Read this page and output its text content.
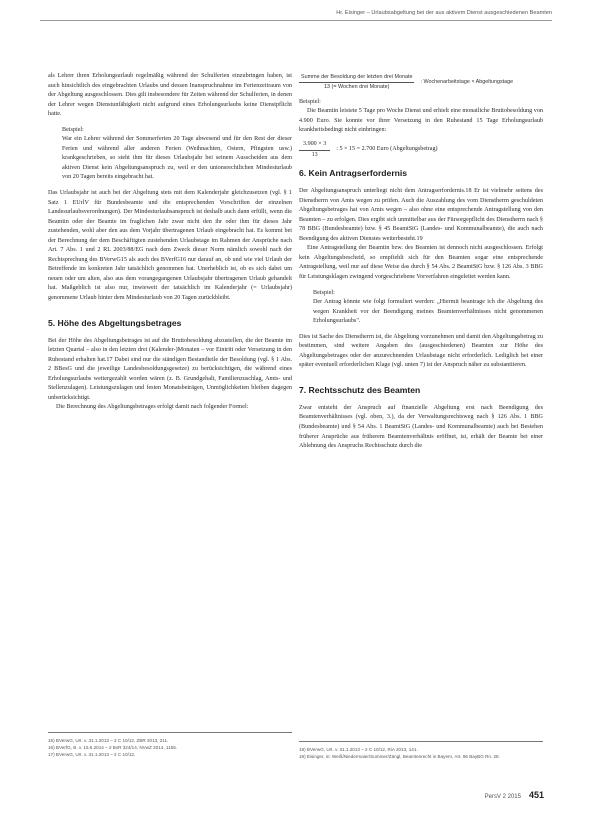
Hr. Eisinger – Urlaubsabgeltung bei der aus aktivem Dienst ausgeschiedenen Beamten

als Lehrer ihren Erholungsurlaub regelmäßig während der Schulferien einzubringen haben, ist auch hinsichtlich des eingebrachten Urlaubs und dessen Inanspruchnahme im Ferienzeitraum von der Abgeltung ausgeschlossen. Dies gilt insbesondere für Zeiten während der Schulferien, in denen der Lehrer wegen Dienstunfähigkeit nicht aufgrund eines Erholungsurlaubs keine Dienstpflicht hatte.

Beispiel:
War ein Lehrer während der Sommerferien 20 Tage abwesend und für den Rest der dieser Ferien und während aller anderen Ferien (Weihnachten, Ostern, Pfingsten usw.) krankgeschrieben, so steht ihm für dieses Urlaubsjahr bei seinem Ausscheiden aus dem aktiven Dienst kein Abgeltungsanspruch zu, weil er den unionsrechtlichen Mindesturlaub von 20 Tagen bereits eingebracht hat.

Das Urlaubsjahr ist auch bei der Abgeltung stets mit dem Kalenderjahr gleichzusetzen (vgl. § 1 Satz 1 EUrlV für Bundesbeamte und die entsprechenden Vorschriften der einzelnen Landesurlaubsverordnungen). Der Mindesturlaubsanspruch ist deshalb auch dann erfüllt, wenn die Beamtin oder der Beamte im fraglichen Jahr zwar nicht den ihr oder ihm für dieses Jahr zustehenden, wohl aber den aus dem Vorjahr übertragenen Urlaub eingebracht hat. Es kommt bei der Berechnung der dem Beschäftigten zustehenden Urlaubstage im Rahmen der Ansprüche nach Art. 7 Abs. 1 und 2 RL 2003/88/EG nach dem Zweck dieser Norm nämlich sowohl nach der Rechtsprechung des BVerwG15 als auch des BVerfG16 nur darauf an, ob und wie viel Urlaub der Betreffende im konkreten Jahr tatsächlich genommen hat. Unerheblich ist, ob es sich dabei um neuen oder um alten, also aus dem vorangegangenen Urlaubsjahr übertragenen Urlaub gehandelt hat. Maßgeblich ist also nur, inwieweit der tatsächlich im Kalenderjahr (= Urlaubsjahr) genommene Urlaub hinter dem Mindesturlaub von 20 Tagen zurückbleibt.

5. Höhe des Abgeltungsbetrages

Bei der Höhe des Abgeltungsbetrages ist auf die Bruttobesoldung abzustellen, die der Beamte im letzten Quartal – also in den letzten drei (Kalender-)Monaten – vor Eintritt oder Versetzung in den Ruhestand erhalten hat.17 Dabei sind nur die ständigen Bestandteile der Besoldung (vgl. § 1 Abs. 2 BBesG und die jeweilige Landesbesoldungsgesetze) zu berücksichtigen, die während eines Erholungsurlaubs weitergezahlt worden wären (z. B. Grundgehalt, Familienzuschlag, Amts- und Stellenzulagen). Leistungszulagen und festen Monatsbeträgen, Unmöglichkeiten bleiben dagegen unberücksichtigt.

Die Berechnung des Abgeltungsbetrages erfolgt damit nach folgender Formel:

$\frac{\text{Summe der Besoldung der letzten drei Monate}}{\text{13 (= Wochen drei Monate)}}$ : Wochenarbeitstage × Abgeltungstage

Beispiel:

Die Beamtin leistete 5 Tage pro Woche Dienst und erhielt eine monatliche Bruttobesoldung von 4.900 Euro. Sie konnte vor ihrer Versetzung in den Ruhestand 15 Tage Erholungsurlaub krankheitsbedingt nicht einbringen:

$\frac{3.900 \times 3}{13}$ : 5 × 15 = 2.700 Euro (Abgeltungsbetrag)
6. Kein Antragserfordernis

Der Abgeltungsanspruch unterliegt nicht dem Antragserfordernis.18 Er ist vielmehr seitens des Dienstherrn von Amts wegen zu prüfen. Auch die Auszahlung des vom Dienstherrn geschuldeten Abgeltungsbetrages hat von Amts wegen – also ohne eine entsprechende Antragstellung von den Beamten – zu erfolgen. Dies ergibt sich unmittelbar aus der Fürsorgepflicht des Dienstherrn nach § 78 BBG (Bundesbeamte) bzw. § 45 BeamtStG (Landes- und Kommunalbeamte), die auch nach Beendigung des aktiven Dienstes weiterbesteht.19

Eine Antragstellung der Beamtin bzw. des Beamten ist dennoch nicht ausgeschlossen. Erfolgt kein Abgeltungsbescheid, so empfiehlt sich für den Beamten sogar eine entsprechende Antragstellung, weil nur auf diese Weise das durch § 54 Abs. 2 BeamtStG bzw. § 126 Abs. 3 BBG für Leistungsklagen zwingend vorgeschriebene Vorverfahren eingeleitet werden kann.

Beispiel:
Der Antrag könnte wie folgt formuliert werden: „Hiermit beantrage ich die Abgeltung des wegen Krankheit vor der Beendigung meines Beamtenverhältnisses nicht genommenen Erholungsurlaubs".

Dies ist Sache des Dienstherrn ist, die Abgeltung vorzunehmen und damit den Abgeltungsbetrag zu bestimmen, sind weitere Angaben des (ausgeschiedenen) Beamten zur Höhe des Abgeltungsbetrages oder der anzurechnenden Urlaubstage nicht erforderlich. Lediglich bei einer später eventuell erforderlichen Klage (vgl. unten 7) ist der Anspruch näher zu substantiieren.

7. Rechtsschutz des Beamten

Zwar entsteht der Anspruch auf finanzielle Abgeltung erst nach Beendigung des Beamtenverhältnisses (vgl. oben, 3.), da der Verwaltungsrechtsweg nach § 126 Abs. 1 BBG (Bundesbeamte) und § 54 Abs. 1 BeamtStG (Landes- und Kommunalbeamte) auch bei Bestehen früherer Ansprüche aus früherem Beamtenverhältnis eröffnet, ist, erhält der Beamte bei einer Ablehnung des Anspruchs Rechtsschutz durch die

15) BVerwG, Urt. v. 31.1.2013 – 2 C 10/12, ZBR 2013, 211.
16) BVerfG, B. v. 15.5.2014 – 2 BvR 324/14, NVwZ 2014, 1155.
17) BVerwG, Urt. v. 31.1.2013 – 2 C 10/12.
18) BVerwG, Urt. v. 31.1.2013 – 2 C 10/12, RiA 2013, 141.
19) Eisinger, in: Weiß/Niedermaier/Summer/Zängl, Beamtenrecht in Bayern, Art. 96 BayBG Rn. 28.
PersV 2 2015 451
